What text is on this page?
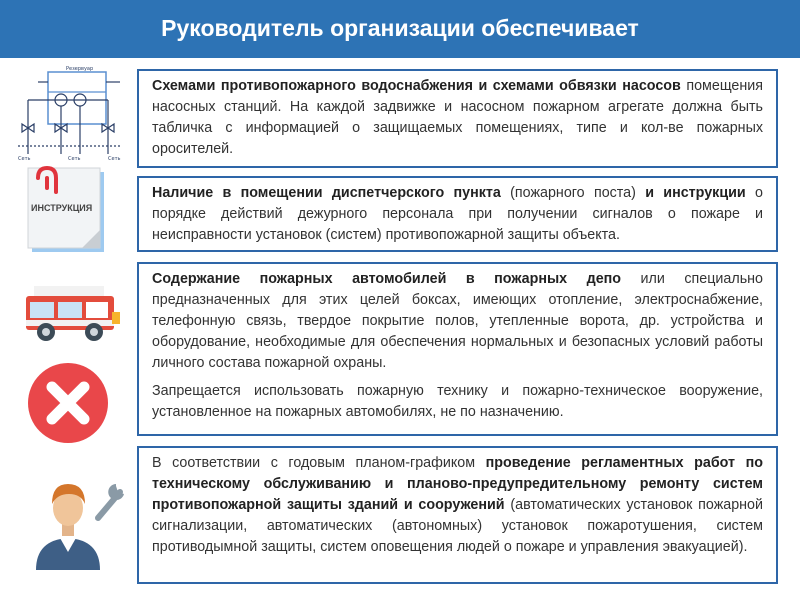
Руководитель организации обеспечивает
Резервуар
Сеть	Сеть	Сеть
ИНСТРУКЦИЯ

Схемами противопожарного водоснабжения и схемами обвязки насосов помещения насосных станций. На каждой задвижке и насосном пожарном агрегате должна быть табличка с информацией о защищаемых помещениях, типе и кол-ве пожарных оросителей.

Наличие в помещении диспетчерского пункта (пожарного поста) и инструкции о порядке действий дежурного персонала при получении сигналов о пожаре и неисправности установок (систем) противопожарной защиты объекта.

Содержание пожарных автомобилей в пожарных депо или специально предназначенных для этих целей боксах, имеющих отопление, электроснабжение, телефонную связь, твердое покрытие полов, утепленные ворота, др. устройства и оборудование, необходимые для обеспечения нормальных и безопасных условий работы личного состава пожарной охраны.

Запрещается использовать пожарную технику и пожарно-техническое вооружение, установленное на пожарных автомобилях, не по назначению.

В соответствии с годовым планом-графиком проведение регламентных работ по техническому обслуживанию и планово-предупредительному ремонту систем противопожарной защиты зданий и сооружений (автоматических установок пожарной сигнализации, автоматических (автономных) установок пожаротушения, систем противодымной защиты, систем оповещения людей о пожаре и управления эвакуацией).
